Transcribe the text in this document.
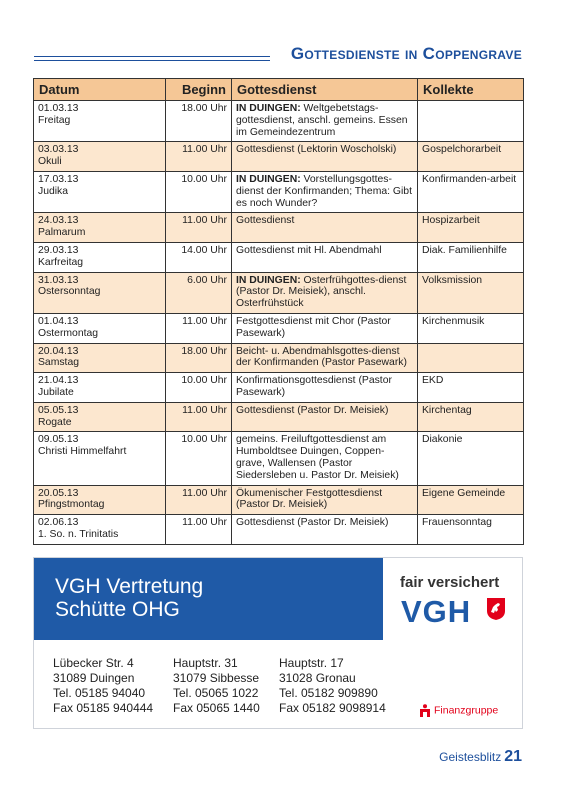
Gottesdienste in Coppengrave
Datum	Beginn	Gottesdienst	Kollekte

01.03.13
Freitag	18.00 Uhr	IN DUINGEN: Weltgebetstags-gottesdienst, anschl. gemeins. Essen im Gemeindezentrum	

03.03.13
Okuli	11.00 Uhr	Gottesdienst (Lektorin Woscholski)	Gospelchorarbeit

17.03.13
Judika	10.00 Uhr	IN DUINGEN: Vorstellungsgottes-dienst der Konfirmanden; Thema: Gibt es noch Wunder?	Konfirmanden-arbeit

24.03.13
Palmarum	11.00 Uhr	Gottesdienst	Hospizarbeit

29.03.13
Karfreitag	14.00 Uhr	Gottesdienst mit Hl. Abendmahl	Diak. Familienhilfe

31.03.13
Ostersonntag	6.00 Uhr	IN DUINGEN: Osterfrühgottes-dienst (Pastor Dr. Meisiek), anschl. Osterfrühstück	Volksmission

01.04.13
Ostermontag	11.00 Uhr	Festgottesdienst mit Chor (Pastor Pasewark)	Kirchenmusik

20.04.13
Samstag	18.00 Uhr	Beicht- u. Abendmahlsgottes-dienst der Konfirmanden (Pastor Pasewark)	

21.04.13
Jubilate	10.00 Uhr	Konfirmationsgottesdienst (Pastor Pasewark)	EKD

05.05.13
Rogate	11.00 Uhr	Gottesdienst (Pastor Dr. Meisiek)	Kirchentag

09.05.13
Christi Himmelfahrt	10.00 Uhr	gemeins. Freiluftgottesdienst am Humboldtsee Duingen, Coppen-grave, Wallensen (Pastor Siedersleben u. Pastor Dr. Meisiek)	Diakonie

20.05.13
Pfingstmontag	11.00 Uhr	Ökumenischer Festgottesdienst (Pastor Dr. Meisiek)	Eigene Gemeinde

02.06.13
1. So. n. Trinitatis	11.00 Uhr	Gottesdienst (Pastor Dr. Meisiek)	Frauensonntag
VGH Vertretung
Schütte OHG
fair versichert
VGH
Lübecker Str. 4
31089 Duingen
Tel. 05185 94040
Fax 05185 940444
Hauptstr. 31
31079 Sibbesse
Tel. 05065 1022
Fax 05065 1440
Hauptstr. 17
31028 Gronau
Tel. 05182 909890
Fax 05182 9098914	Finanzgruppe
Geistesblitz 21
